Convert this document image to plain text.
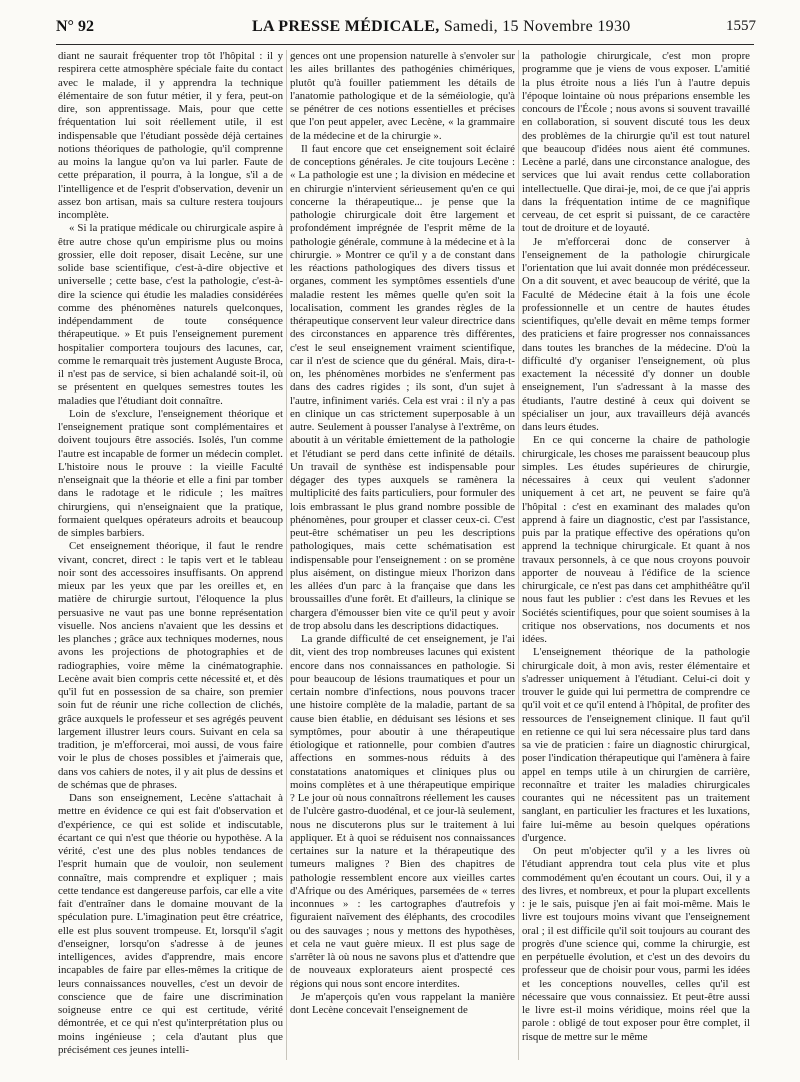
N° 92	LA PRESSE MÉDICALE, Samedi, 15 Novembre 1930	1557

diant ne saurait fréquenter trop tôt l'hôpital : il y respirera cette atmosphère spéciale faite du contact avec le malade, il y apprendra la technique élémentaire de son futur métier, il y fera, peut-on dire, son apprentissage. Mais, pour que cette fréquentation lui soit réellement utile, il est indispensable que l'étudiant possède déjà certaines notions théoriques de pathologie, qu'il comprenne au moins la langue qu'on va lui parler. Faute de cette préparation, il pourra, à la longue, s'il a de l'intelligence et de l'esprit d'observation, devenir un assez bon artisan, mais sa culture restera toujours incomplète.

« Si la pratique médicale ou chirurgicale aspire à être autre chose qu'un empirisme plus ou moins grossier, elle doit reposer, disait Lecène, sur une solide base scientifique, c'est-à-dire objective et universelle ; cette base, c'est la pathologie, c'est-à-dire la science qui étudie les maladies considérées comme des phénomènes naturels quelconques, indépendamment de toute conséquence thérapeutique. » Et puis l'enseignement purement hospitalier comportera toujours des lacunes, car, comme le remarquait très justement Auguste Broca, il n'est pas de service, si bien achalandé soit-il, où se présentent en quelques semestres toutes les maladies que l'étudiant doit connaître.

Loin de s'exclure, l'enseignement théorique et l'enseignement pratique sont complémentaires et doivent toujours être associés. Isolés, l'un comme l'autre est incapable de former un médecin complet. L'histoire nous le prouve : la vieille Faculté n'enseignait que la théorie et elle a fini par tomber dans le radotage et le ridicule ; les maîtres chirurgiens, qui n'enseignaient que la pratique, formaient quelques opérateurs adroits et beaucoup de simples barbiers.

Cet enseignement théorique, il faut le rendre vivant, concret, direct : le tapis vert et le tableau noir sont des accessoires insuffisants. On apprend mieux par les yeux que par les oreilles et, en matière de chirurgie surtout, l'éloquence la plus persuasive ne vaut pas une bonne représentation visuelle. Nos anciens n'avaient que les dessins et les planches ; grâce aux techniques modernes, nous avons les projections de photographies et de radiographies, voire même la cinématographie. Lecène avait bien compris cette nécessité et, et dès qu'il fut en possession de sa chaire, son premier soin fut de réunir une riche collection de clichés, grâce auxquels le professeur et ses agrégés peuvent largement illustrer leurs cours. Suivant en cela sa tradition, je m'efforcerai, moi aussi, de vous faire voir le plus de choses possibles et j'aimerais que, dans vos cahiers de notes, il y ait plus de dessins et de schémas que de phrases.

Dans son enseignement, Lecène s'attachait à mettre en évidence ce qui est fait d'observation et d'expérience, ce qui est solide et indiscutable, écartant ce qui n'est que théorie ou hypothèse. A la vérité, c'est une des plus nobles tendances de l'esprit humain que de vouloir, non seulement connaître, mais comprendre et expliquer ; mais cette tendance est dangereuse parfois, car elle a vite fait d'entraîner dans le domaine mouvant de la spéculation pure. L'imagination peut être créatrice, elle est plus souvent trompeuse. Et, lorsqu'il s'agit d'enseigner, lorsqu'on s'adresse à de jeunes intelligences, avides d'apprendre, mais encore incapables de faire par elles-mêmes la critique de leurs connaissances nouvelles, c'est un devoir de conscience que de faire une discrimination soigneuse entre ce qui est certitude, vérité démontrée, et ce qui n'est qu'interprétation plus ou moins ingénieuse ; cela d'autant plus que précisément ces jeunes intelli-

gences ont une propension naturelle à s'envoler sur les ailes brillantes des pathogénies chimériques, plutôt qu'à fouiller patiemment les détails de l'anatomie pathologique et de la séméiologie, qu'à se pénétrer de ces notions essentielles et précises que l'on peut appeler, avec Lecène, « la grammaire de la médecine et de la chirurgie ».

Il faut encore que cet enseignement soit éclairé de conceptions générales. Je cite toujours Lecène : « La pathologie est une ; la division en médecine et en chirurgie n'intervient sérieusement qu'en ce qui concerne la thérapeutique... je pense que la pathologie chirurgicale doit être largement et profondément imprégnée de l'esprit même de la pathologie générale, commune à la médecine et à la chirurgie. » Montrer ce qu'il y a de constant dans les réactions pathologiques des divers tissus et organes, comment les symptômes essentiels d'une maladie restent les mêmes quelle qu'en soit la localisation, comment les grandes règles de la thérapeutique conservent leur valeur directrice dans des circonstances en apparence très différentes, c'est le seul enseignement vraiment scientifique, car il n'est de science que du général. Mais, dira-t-on, les phénomènes morbides ne s'enferment pas dans des cadres rigides ; ils sont, d'un sujet à l'autre, infiniment variés. Cela est vrai : il n'y a pas en clinique un cas strictement superposable à un autre. Seulement à pousser l'analyse à l'extrême, on aboutit à un véritable émiettement de la pathologie et l'étudiant se perd dans cette infinité de détails. Un travail de synthèse est indispensable pour dégager des types auxquels se ramènera la multiplicité des faits particuliers, pour formuler des lois embrassant le plus grand nombre possible de phénomènes, pour grouper et classer ceux-ci. C'est peut-être schématiser un peu les descriptions pathologiques, mais cette schématisation est indispensable pour l'enseignement : on se promène plus aisément, on distingue mieux l'horizon dans les allées d'un parc à la française que dans les broussailles d'une forêt. Et d'ailleurs, la clinique se chargera d'émousser bien vite ce qu'il peut y avoir de trop absolu dans les descriptions didactiques.

La grande difficulté de cet enseignement, je l'ai dit, vient des trop nombreuses lacunes qui existent encore dans nos connaissances en pathologie. Si pour beaucoup de lésions traumatiques et pour un certain nombre d'infections, nous pouvons tracer une histoire complète de la maladie, partant de sa cause bien établie, en déduisant ses lésions et ses symptômes, pour aboutir à une thérapeutique étiologique et rationnelle, pour combien d'autres affections en sommes-nous réduits à des constatations anatomiques et cliniques plus ou moins complètes et à une thérapeutique empirique ? Le jour où nous connaîtrons réellement les causes de l'ulcère gastro-duodénal, et ce jour-là seulement, nous ne discuterons plus sur le traitement à lui appliquer. Et à quoi se réduisent nos connaissances certaines sur la nature et la thérapeutique des tumeurs malignes ? Bien des chapitres de pathologie ressemblent encore aux vieilles cartes d'Afrique ou des Amériques, parsemées de « terres inconnues » : les cartographes d'autrefois y figuraient naïvement des éléphants, des crocodiles ou des sauvages ; nous y mettons des hypothèses, et cela ne vaut guère mieux. Il est plus sage de s'arrêter là où nous ne savons plus et d'attendre que de nouveaux explorateurs aient prospecté ces régions qui nous sont encore interdites.

Je m'aperçois qu'en vous rappelant la manière dont Lecène concevait l'enseignement de

la pathologie chirurgicale, c'est mon propre programme que je viens de vous exposer. L'amitié la plus étroite nous a liés l'un à l'autre depuis l'époque lointaine où nous préparions ensemble les concours de l'École ; nous avons si souvent travaillé en collaboration, si souvent discuté tous les deux des problèmes de la chirurgie qu'il est tout naturel que beaucoup d'idées nous aient été communes. Lecène a parlé, dans une circonstance analogue, des services que lui avait rendus cette collaboration intellectuelle. Que dirai-je, moi, de ce que j'ai appris dans la fréquentation intime de ce magnifique cerveau, de cet esprit si puissant, de ce caractère tout de droiture et de loyauté.

Je m'efforcerai donc de conserver à l'enseignement de la pathologie chirurgicale l'orientation que lui avait donnée mon prédécesseur. On a dit souvent, et avec beaucoup de vérité, que la Faculté de Médecine était à la fois une école professionnelle et un centre de hautes études scientifiques, qu'elle devait en même temps former des praticiens et faire progresser nos connaissances dans toutes les branches de la médecine. D'où la difficulté d'y organiser l'enseignement, où plus exactement la nécessité d'y donner un double enseignement, l'un s'adressant à la masse des étudiants, l'autre destiné à ceux qui doivent se spécialiser un jour, aux travailleurs déjà avancés dans leurs études.

En ce qui concerne la chaire de pathologie chirurgicale, les choses me paraissent beaucoup plus simples. Les études supérieures de chirurgie, nécessaires à ceux qui veulent s'adonner uniquement à cet art, ne peuvent se faire qu'à l'hôpital : c'est en examinant des malades qu'on apprend à faire un diagnostic, c'est par l'assistance, puis par la pratique effective des opérations qu'on apprend la technique chirurgicale. Et quant à nos travaux personnels, à ce que nous croyons pouvoir apporter de nouveau à l'édifice de la science chirurgicale, ce n'est pas dans cet amphithéâtre qu'il nous faut les publier : c'est dans les Revues et les Sociétés scientifiques, pour que soient soumises à la critique nos observations, nos documents et nos idées.

L'enseignement théorique de la pathologie chirurgicale doit, à mon avis, rester élémentaire et s'adresser uniquement à l'étudiant. Celui-ci doit y trouver le guide qui lui permettra de comprendre ce qu'il voit et ce qu'il entend à l'hôpital, de profiter des ressources de l'enseignement clinique. Il faut qu'il en retienne ce qui lui sera nécessaire plus tard dans sa vie de praticien : faire un diagnostic chirurgical, poser l'indication thérapeutique qui l'amènera à faire appel en temps utile à un chirurgien de carrière, reconnaître et traiter les maladies chirurgicales courantes qui ne nécessitent pas un traitement sanglant, en particulier les fractures et les luxations, faire lui-même au besoin quelques opérations d'urgence.

On peut m'objecter qu'il y a les livres où l'étudiant apprendra tout cela plus vite et plus commodément qu'en écoutant un cours. Oui, il y a des livres, et nombreux, et pour la plupart excellents : je le sais, puisque j'en ai fait moi-même. Mais le livre est toujours moins vivant que l'enseignement oral ; il est difficile qu'il soit toujours au courant des progrès d'une science qui, comme la chirurgie, est en perpétuelle évolution, et c'est un des devoirs du professeur que de choisir pour vous, parmi les idées et les conceptions nouvelles, celles qu'il est nécessaire que vous connaissiez. Et peut-être aussi le livre est-il moins véridique, moins réel que la parole : obligé de tout exposer pour être complet, il risque de mettre sur le même
